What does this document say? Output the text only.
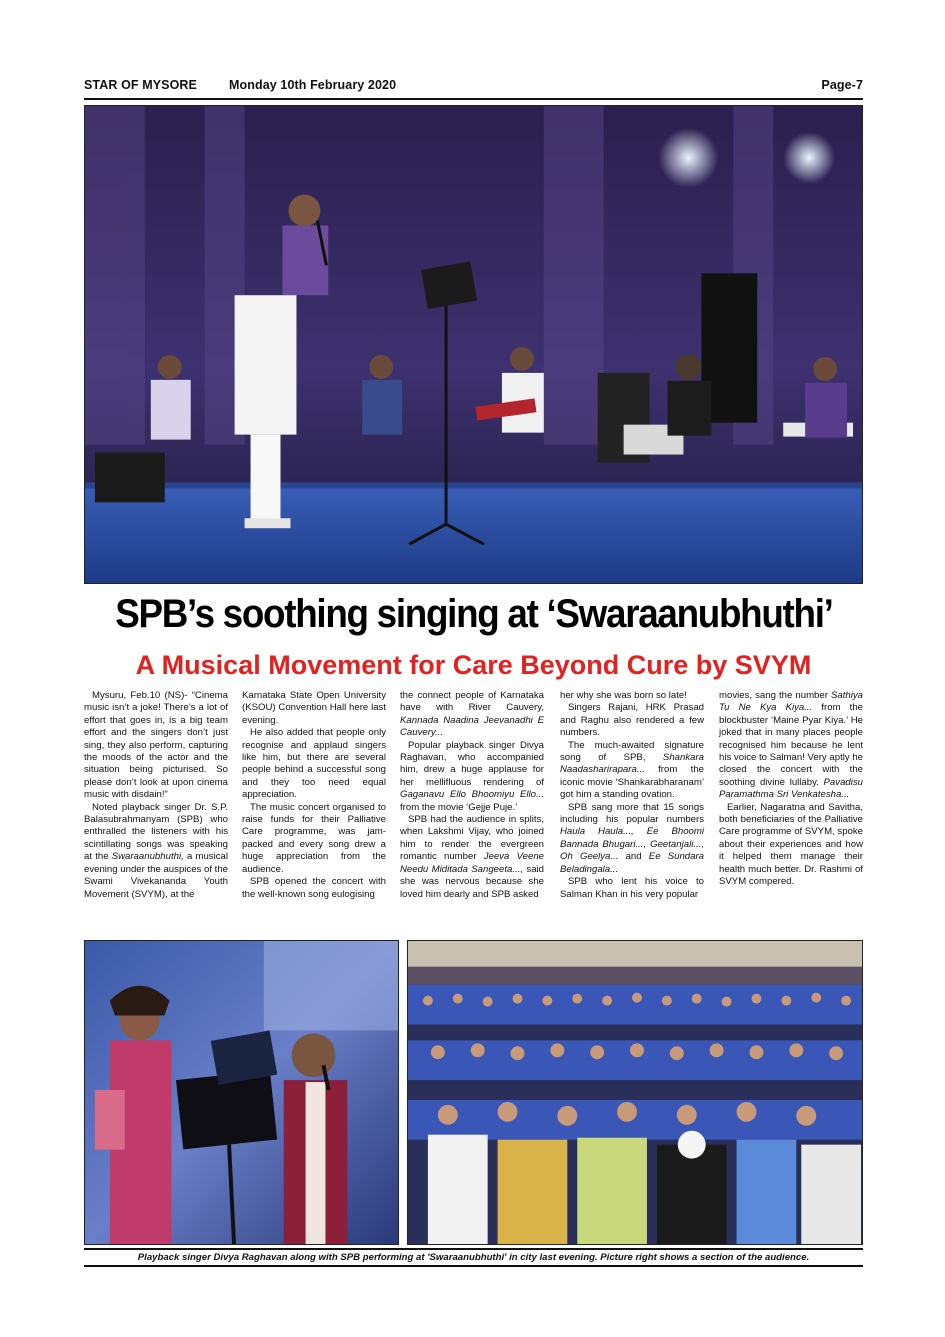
STAR OF MYSORE	Monday 10th February 2020	Page-7
SPB’s soothing singing at ‘Swaraanubhuthi’
A Musical Movement for Care Beyond Cure by SVYM

Mysuru, Feb.10 (NS)- “Cinema music isn’t a joke! There’s a lot of effort that goes in, is a big team effort and the singers don’t just sing, they also perform, capturing the moods of the actor and the situation being picturised. So please don’t look at upon cinema music with disdain!”

Noted playback singer Dr. S.P. Balasubrahmanyam (SPB) who enthralled the listeners with his scintillating songs was speaking at the Swaraanubhuthi, a musical evening under the auspices of the Swami Vivekananda Youth Movement (SVYM), at the

Karnataka State Open University (KSOU) Convention Hall here last evening.

He also added that people only recognise and applaud singers like him, but there are several people behind a successful song and they too need equal appreciation.

The music concert organised to raise funds for their Palliative Care programme, was jam-packed and every song drew a huge appreciation from the audience.

SPB opened the concert with the well-known song eulogising

the connect people of Karnataka have with River Cauvery, Kannada Naadina Jeevanadhi E Cauvery...

Popular playback singer Divya Raghavan, who accompanied him, drew a huge applause for her mellifluous rendering of Gaganavu Ello Bhoomiyu Ello... from the movie ‘Gejje Puje.’

SPB had the audience in splits, when Lakshmi Vijay, who joined him to render the evergreen romantic number Jeeva Veene Needu Miditada Sangeeta..., said she was nervous because she loved him dearly and SPB asked

her why she was born so late!

Singers Rajani, HRK Prasad and Raghu also rendered a few numbers.

The much-awaited signature song of SPB, Shankara Naadasharirapara... from the iconic movie ‘Shankarabharanam’ got him a standing ovation.

SPB sang more that 15 songs including his popular numbers Haula Haula..., Ee Bhoomi Bannada Bhugari..., Geetanjali..., Oh Geelya... and Ee Sundara Beladingala...

SPB who lent his voice to Salman Khan in his very popular

movies, sang the number Sathiya Tu Ne Kya Kiya... from the blockbuster ‘Maine Pyar Kiya.’ He joked that in many places people recognised him because he lent his voice to Salman! Very aptly he closed the concert with the soothing divine lullaby. Pavadisu Paramathma Sri Venkatesha...

Earlier, Nagaratna and Savitha, both beneficiaries of the Palliative Care programme of SVYM, spoke about their experiences and how it helped them manage their health much better. Dr. Rashmi of SVYM compered.

Playback singer Divya Raghavan along with SPB performing at 'Swaraanubhuthi' in city last evening. Picture right shows a section of the audience.
